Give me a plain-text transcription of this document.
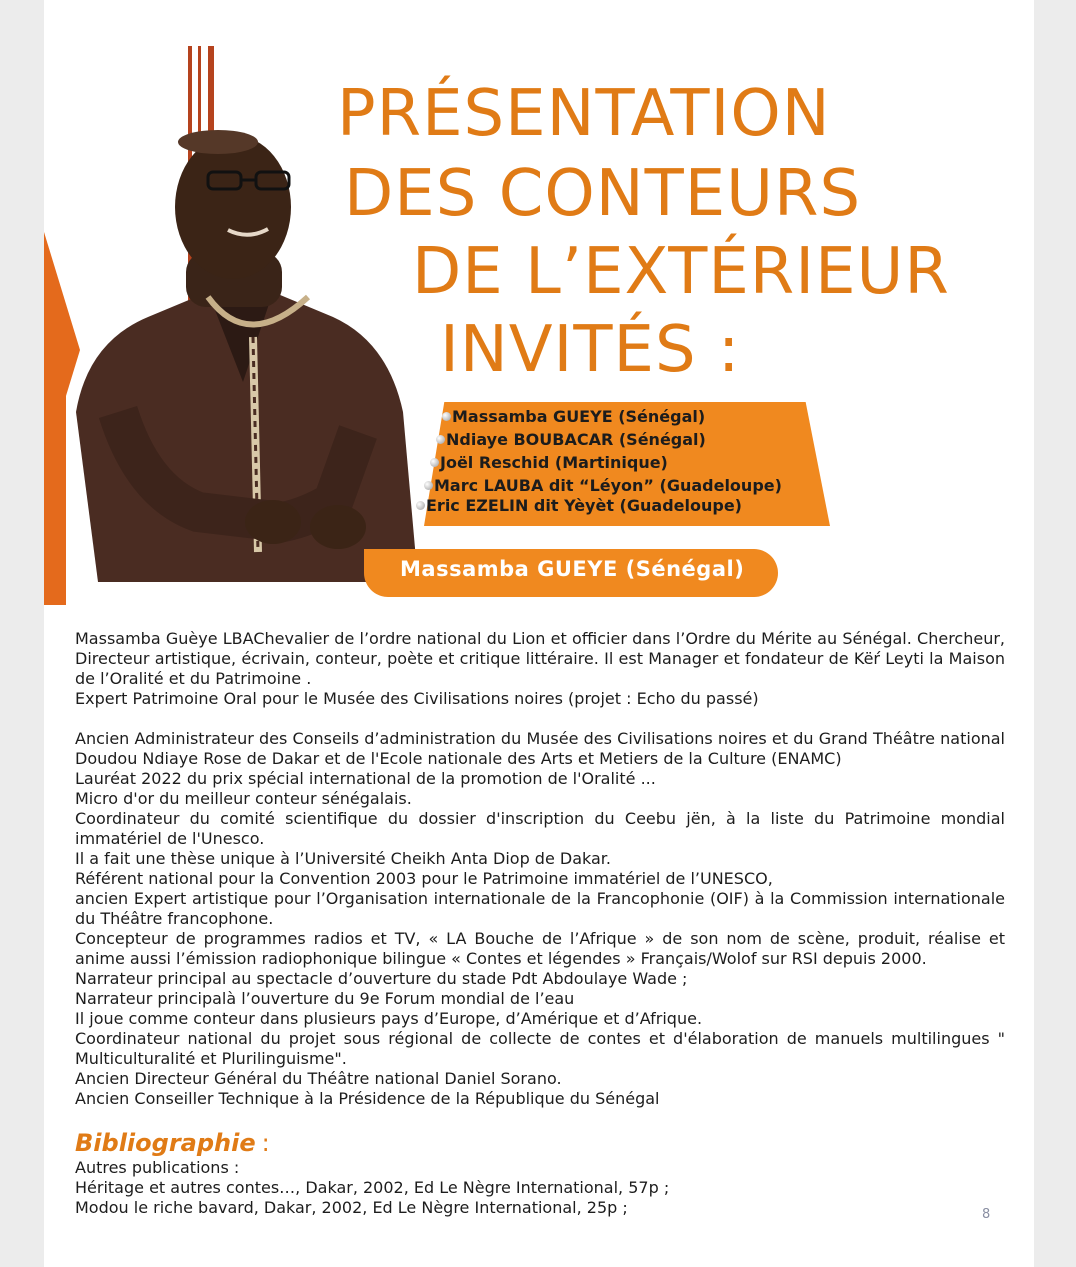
PRÉSENTATION
DES CONTEURS
DE L’EXTÉRIEUR
INVITÉS :
Massamba GUEYE (Sénégal)
Ndiaye BOUBACAR (Sénégal)
Joël Reschid (Martinique)
Marc LAUBA dit “Léyon” (Guadeloupe)
Eric EZELIN dit Yèyèt (Guadeloupe)
Massamba GUEYE (Sénégal)

Massamba Guèye LBAChevalier de l’ordre national du Lion et officier dans l’Ordre du Mérite au Sénégal. Chercheur, Directeur artistique, écrivain, conteur, poète et critique littéraire. Il est Manager et fondateur de Këŕ Leyti la Maison de l’Oralité et du Patrimoine .

Expert Patrimoine Oral pour le Musée des Civilisations noires (projet : Echo du passé)

Ancien Administrateur des Conseils d’administration du Musée des Civilisations noires et du Grand Théâtre national Doudou Ndiaye Rose de Dakar et de l'Ecole nationale des Arts et Metiers de la Culture (ENAMC)

Lauréat 2022 du prix spécial international de la promotion de l'Oralité ...

Micro d'or du meilleur conteur sénégalais.

Coordinateur du comité scientifique du dossier d'inscription du Ceebu jën, à la liste du Patrimoine mondial immatériel de l'Unesco.

Il a fait une thèse unique à l’Université Cheikh Anta Diop de Dakar.

Référent national pour la Convention 2003 pour le Patrimoine immatériel de l’UNESCO,

ancien Expert artistique pour l’Organisation internationale de la Francophonie (OIF) à la Commission internationale du Théâtre francophone.

Concepteur de programmes radios et TV, « LA Bouche de l’Afrique » de son nom de scène, produit, réalise et anime aussi l’émission radiophonique bilingue « Contes et légendes » Français/Wolof sur RSI depuis 2000.

Narrateur principal au spectacle d’ouverture du stade Pdt Abdoulaye Wade ;

Narrateur principalà l’ouverture du 9e Forum mondial de l’eau

Il joue comme conteur dans plusieurs pays d’Europe, d’Amérique et d’Afrique.

Coordinateur national du projet sous régional de collecte de contes et d'élaboration de manuels multilingues " Multiculturalité et Plurilinguisme".

Ancien Directeur Général du Théâtre national Daniel Sorano.

Ancien Conseiller Technique à la Présidence de la République du Sénégal

Bibliographie :

Autres publications :

Héritage et autres contes…, Dakar, 2002, Ed Le Nègre International, 57p ;

Modou le riche bavard, Dakar, 2002, Ed Le Nègre International, 25p ;	8
